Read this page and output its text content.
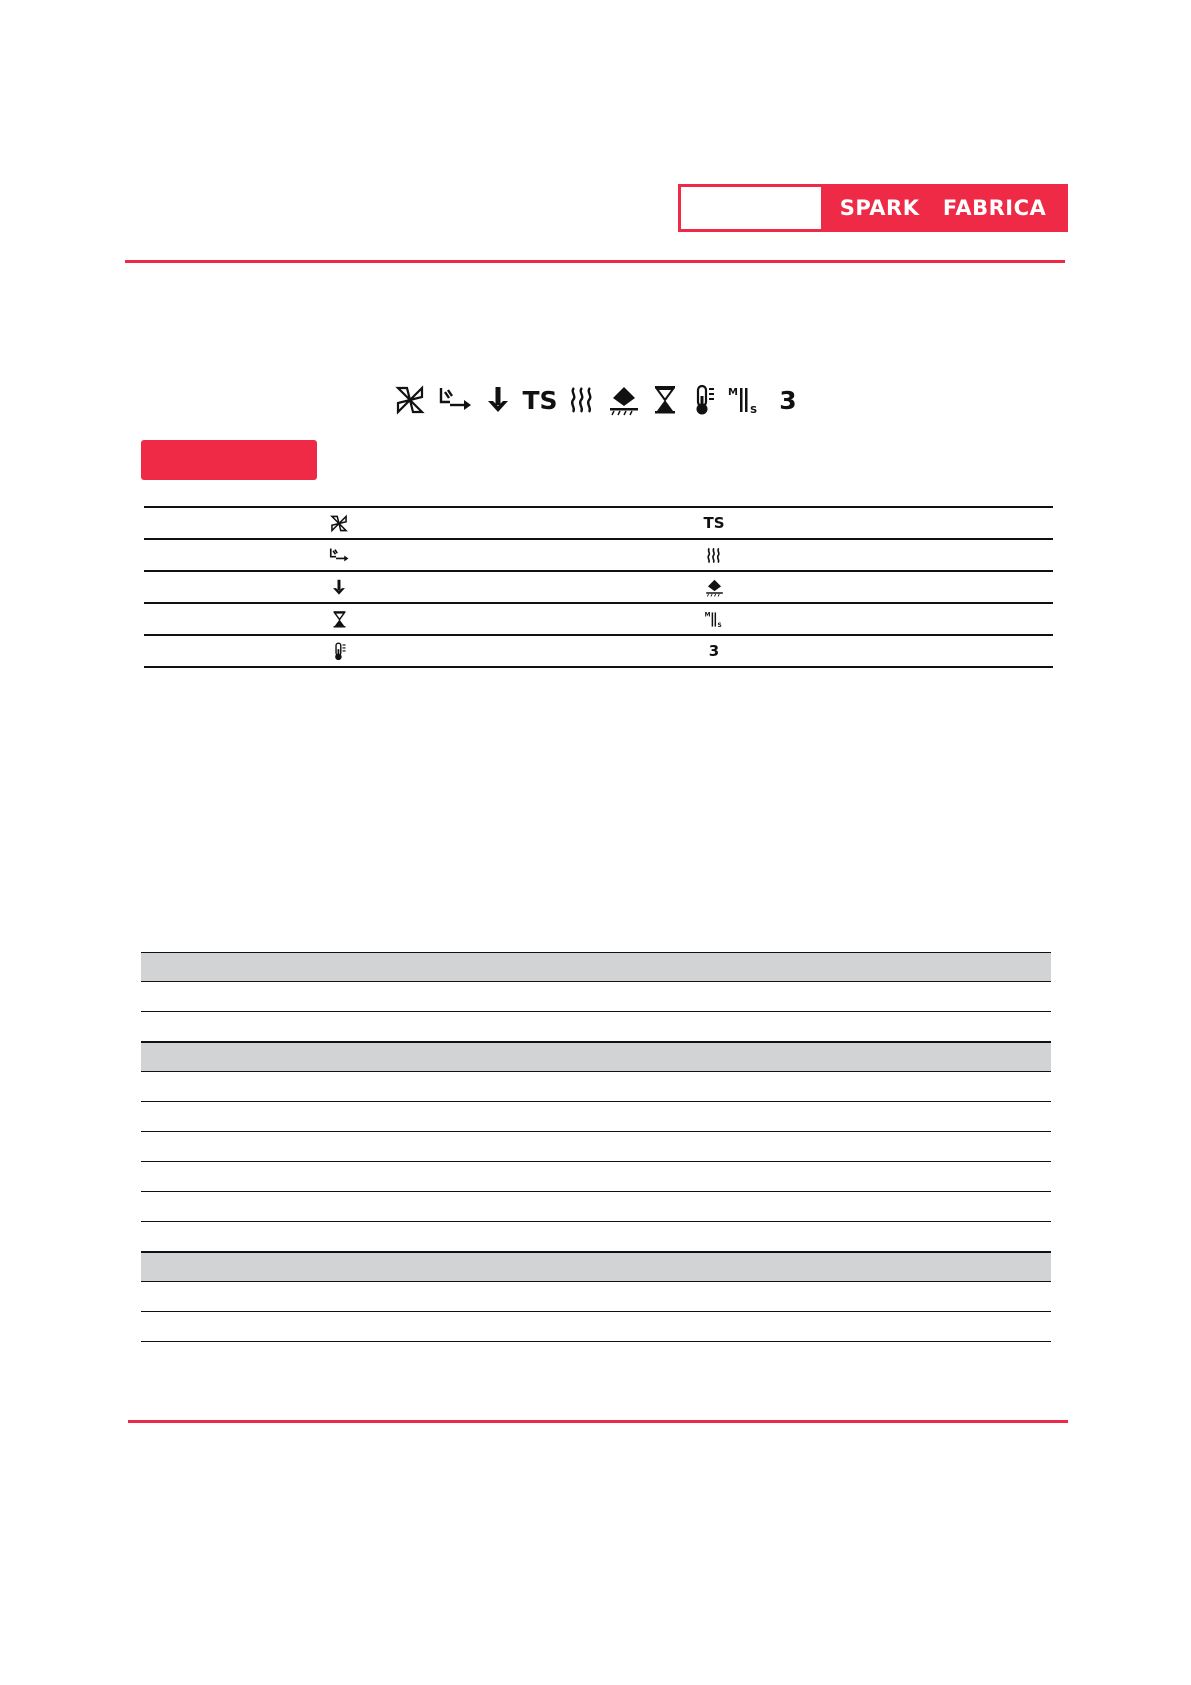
SPARK   FABRICA
TS	M
S 3
TS
M
S
3
